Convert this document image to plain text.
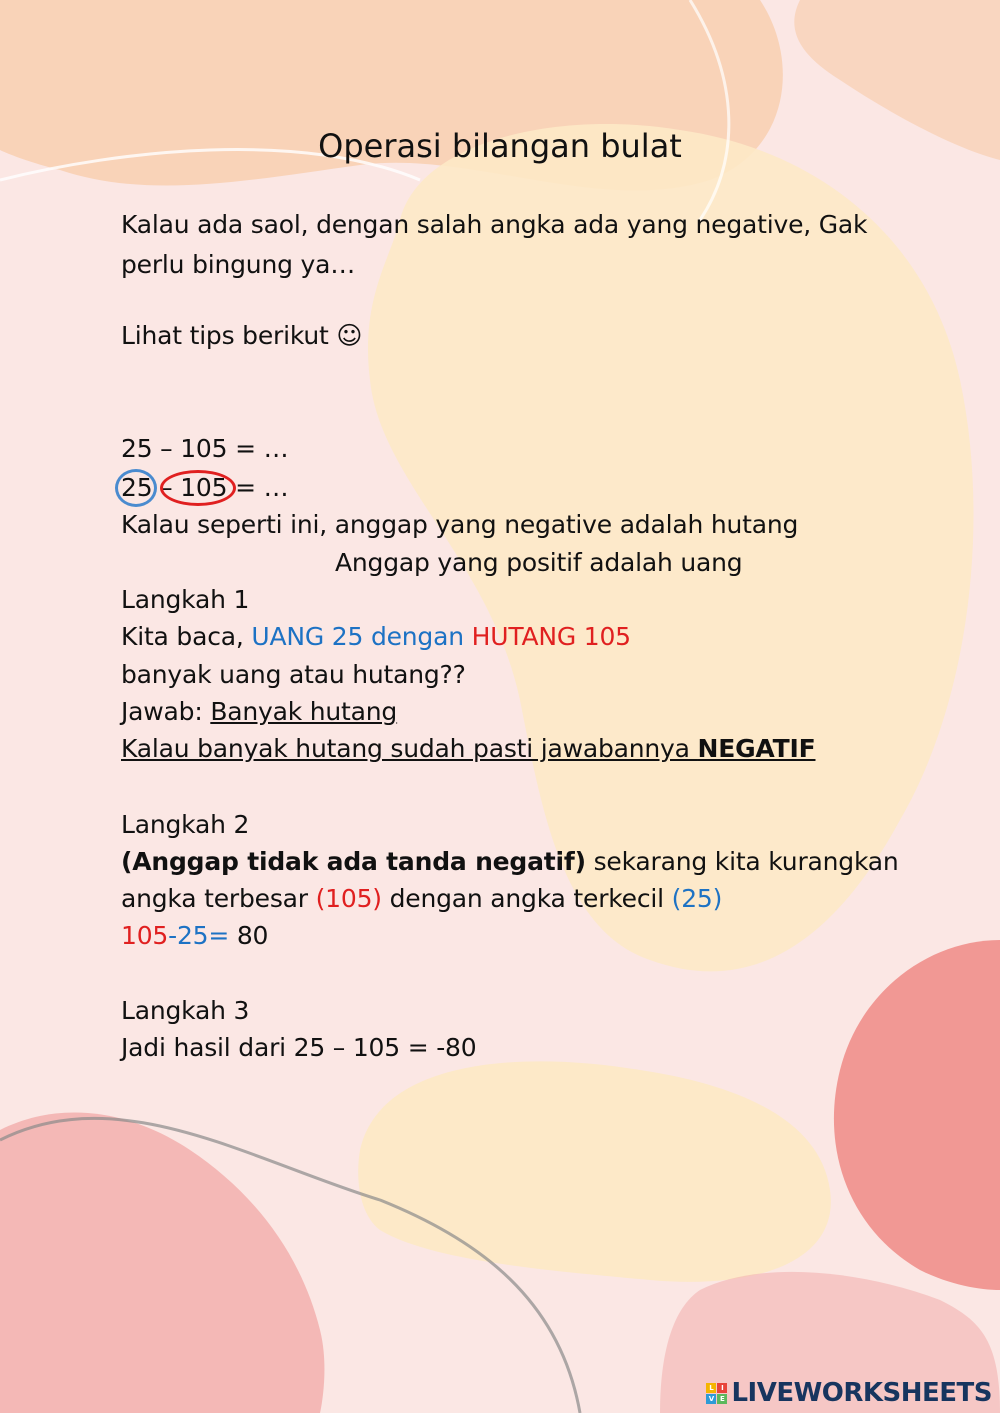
Operasi bilangan bulat
Kalau ada saol, dengan salah angka ada yang negative, Gak
perlu bingung ya…
Lihat tips berikut ☺
25 – 105 = …
25 – 105 = …
Kalau seperti ini, anggap yang negative adalah hutang
Anggap yang positif adalah uang
Langkah 1
Kita baca, UANG 25 dengan HUTANG 105
banyak uang atau hutang??
Jawab: Banyak hutang
Kalau banyak hutang sudah pasti jawabannya NEGATIF
Langkah 2
(Anggap tidak ada tanda negatif) sekarang kita kurangkan
angka terbesar (105) dengan angka terkecil (25)
105-25= 80
Langkah 3
Jadi hasil dari 25 – 105 = -80
L	I
V E LIVEWORKSHEETS
